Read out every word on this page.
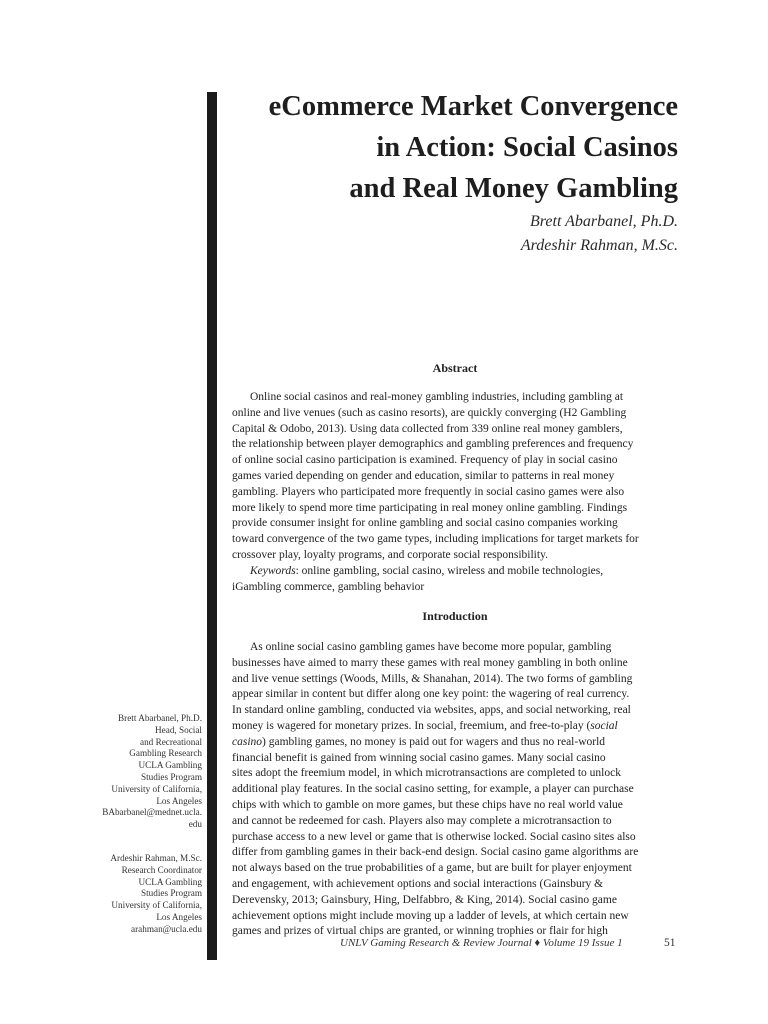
eCommerce Market Convergence
in Action: Social Casinos
and Real Money Gambling
Brett Abarbanel, Ph.D.
Ardeshir Rahman, M.Sc.
Abstract
Online social casinos and real-money gambling industries, including gambling at
online and live venues (such as casino resorts), are quickly converging (H2 Gambling
Capital & Odobo, 2013). Using data collected from 339 online real money gamblers,
the relationship between player demographics and gambling preferences and frequency
of online social casino participation is examined. Frequency of play in social casino
games varied depending on gender and education, similar to patterns in real money
gambling. Players who participated more frequently in social casino games were also
more likely to spend more time participating in real money online gambling. Findings
provide consumer insight for online gambling and social casino companies working
toward convergence of the two game types, including implications for target markets for
crossover play, loyalty programs, and corporate social responsibility.
Keywords: online gambling, social casino, wireless and mobile technologies,
iGambling commerce, gambling behavior
Introduction
As online social casino gambling games have become more popular, gambling
businesses have aimed to marry these games with real money gambling in both online
and live venue settings (Woods, Mills, & Shanahan, 2014). The two forms of gambling
appear similar in content but differ along one key point: the wagering of real currency.
In standard online gambling, conducted via websites, apps, and social networking, real
money is wagered for monetary prizes. In social, freemium, and free-to-play (social
casino) gambling games, no money is paid out for wagers and thus no real-world
financial benefit is gained from winning social casino games. Many social casino
sites adopt the freemium model, in which microtransactions are completed to unlock
additional play features. In the social casino setting, for example, a player can purchase
chips with which to gamble on more games, but these chips have no real world value
and cannot be redeemed for cash. Players also may complete a microtransaction to
purchase access to a new level or game that is otherwise locked. Social casino sites also
differ from gambling games in their back-end design. Social casino game algorithms are
not always based on the true probabilities of a game, but are built for player enjoyment
and engagement, with achievement options and social interactions (Gainsbury &
Derevensky, 2013; Gainsbury, Hing, Delfabbro, & King, 2014). Social casino game
achievement options might include moving up a ladder of levels, at which certain new
games and prizes of virtual chips are granted, or winning trophies or flair for high
Brett Abarbanel, Ph.D.
Head, Social
and Recreational
Gambling Research
UCLA Gambling
Studies Program
University of California,
Los Angeles
BAbarbanel@mednet.ucla.
edu
Ardeshir Rahman, M.Sc.
Research Coordinator
UCLA Gambling
Studies Program
University of California,
Los Angeles
arahman@ucla.edu
UNLV Gaming Research & Review Journal ♦ Volume 19 Issue 1	51
